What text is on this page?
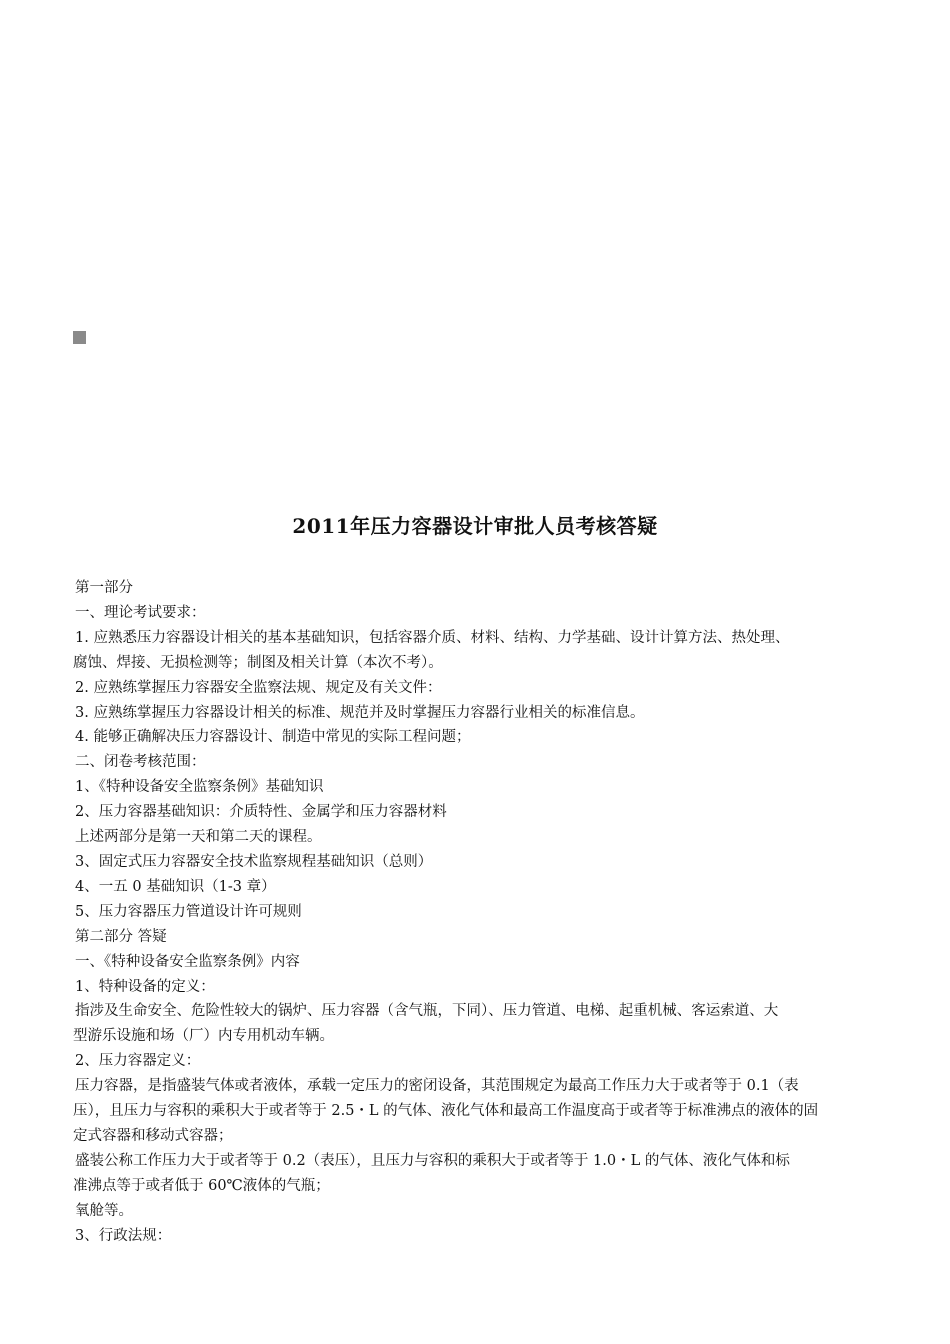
2011年压力容器设计审批人员考核答疑

第一部分

一、理论考试要求：

1. 应熟悉压力容器设计相关的基本基础知识，包括容器介质、材料、结构、力学基础、设计计算方法、热处理、

腐蚀、焊接、无损检测等；制图及相关计算（本次不考）。

2. 应熟练掌握压力容器安全监察法规、规定及有关文件：

3. 应熟练掌握压力容器设计相关的标准、规范并及时掌握压力容器行业相关的标准信息。

4. 能够正确解决压力容器设计、制造中常见的实际工程问题；

二、闭卷考核范围：

1、《特种设备安全监察条例》基础知识

2、压力容器基础知识：介质特性、金属学和压力容器材料

上述两部分是第一天和第二天的课程。

3、固定式压力容器安全技术监察规程基础知识（总则）

4、一五 0 基础知识（1-3 章）

5、压力容器压力管道设计许可规则

第二部分 答疑

一、《特种设备安全监察条例》内容

1、特种设备的定义：

指涉及生命安全、危险性较大的锅炉、压力容器（含气瓶，下同）、压力管道、电梯、起重机械、客运索道、大

型游乐设施和场（厂）内专用机动车辆。

2、压力容器定义：

压力容器，是指盛装气体或者液体，承载一定压力的密闭设备，其范围规定为最高工作压力大于或者等于 0.1（表

压），且压力与容积的乘积大于或者等于 2.5・L 的气体、液化气体和最高工作温度高于或者等于标准沸点的液体的固

定式容器和移动式容器；

盛装公称工作压力大于或者等于 0.2（表压），且压力与容积的乘积大于或者等于 1.0・L 的气体、液化气体和标

准沸点等于或者低于 60℃液体的气瓶；

氧舱等。

3、行政法规：
